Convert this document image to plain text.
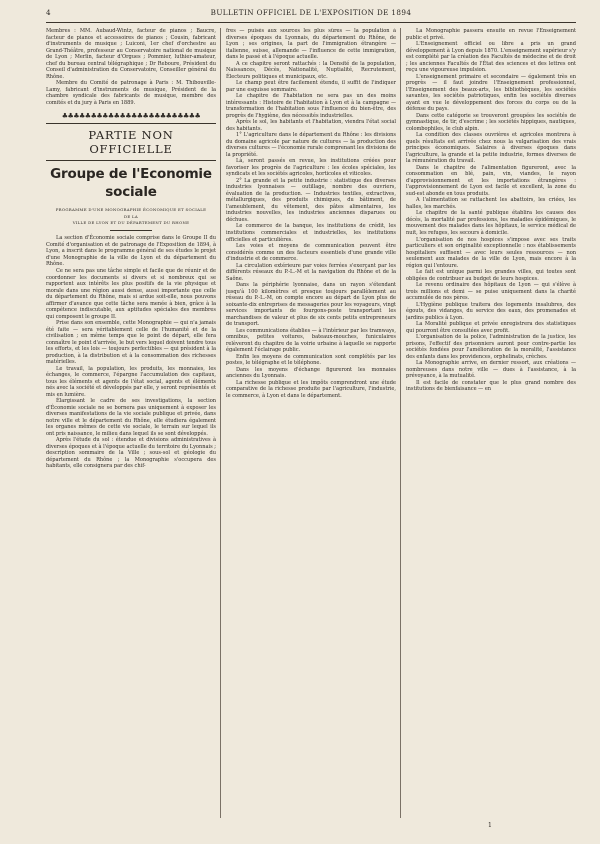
4	BULLETIN OFFICIEL DE L'EXPOSITION DE 1894

Membres : MM. Aubaud-Wintz, facteur de pianos ; Baucre, facteur de pianos et accessoires de pianos ; Cousin, fabricant d'instruments de musique ; Luiconi, 1er chef d'orchestre au Grand-Théâtre, professeur au Conservatoire national de musique de Lyon ; Merlin, facteur d'Orgues ; Pommier, luthier-amateur, chef du bureau central télégraphique ; Dr Reboure, Président du Conseil d'administration du Conservatoire, Conseiller général du Rhône.

Membre du Comité de patronage à Paris : M. Thibouville-Lamy, fabricant d'instruments de musique, Président de la chambre syndicale des fabricants de musique, membre des comités et du jury à Paris en 1889.

♣♣♣♣♣♣♣♣♣♣♣♣♣♣♣♣♣♣♣♣♣♣♣♣
PARTIE NON OFFICIELLE
Groupe de l'Economie sociale
PROGRAMME D'UNE MONOGRAPHIE ÉCONOMIQUE ET SOCIALE
DE LA
VILLE DE LYON ET DU DÉPARTEMENT DU RHONE

La section d'Économie sociale comprise dans le Groupe II du Comité d'organisation et de patronage de l'Exposition de 1894, à Lyon, a inscrit dans le programme général de ses études le projet d'une Monographie de la ville de Lyon et du département du Rhône.

Ce ne sera pas une tâche simple et facile que de réunir et de coordonner les documents si divers et si nombreux qui se rapportent aux intérêts les plus positifs de la vie physique et morale dans une région aussi dense, aussi importante que celle du département du Rhône, mais si ardue soit-elle, nous pouvons affirmer d'avance que cette tâche sera menée à bien, grâce à la compétence indiscutable, aux aptitudes spéciales des membres qui composent le groupe II.

Prise dans son ensemble, cette Monographie — qui n'a jamais été faite — sera véritablement celle de l'humanité et de la civilisation ; en même temps que le point de départ, elle fera connaître le point d'arrivée, le but vers lequel doivent tendre tous les efforts, et les lois — toujours perfectibles — qui président à la production, à la distribution et à la consommation des richesses matérielles.

Le travail, la population, les produits, les monnaies, les échanges, le commerce, l'épargne l'accumulation des capitaux, tous les éléments et agents de l'état social, agents et éléments nés avec la société et développés par elle, y seront représentés et mis en lumière.

Élargissant le cadre de ses investigations, la section d'Économie sociale ne se bornera pas uniquement à exposer les diverses manifestations de la vie sociale publique et privée, dans notre ville et le département du Rhône, elle étudiera également les organes mêmes de cette vie sociale, le terrain sur lequel ils ont pris naissance, le milieu dans lequel ils se sont développés.

Après l'étude du sol : étendue et divisions administratives à diverses époques et à l'époque actuelle du territoire du Lyonnais ; description sommaire de la Ville ; sous-sol et géologie du département du Rhône ; la Monographie s'occupera des habitants, elle consignera par des chif-

fres — puisés aux sources les plus sûres — la population à diverses époques du Lyonnais, du département du Rhône, de Lyon ; ses origines, la part de l'immigration étrangère — italienne, suisse, allemande — l'influence de cette immigration, dans le passé et à l'époque actuelle.

A ce chapitre seront rattachés : la Densité de la population, Naissances, Décès, Nationalité, Nuptialité, Recrutement, Électeurs politiques et municipaux, etc.

Le champ peut être facilement étendu, il suffit de l'indiquer par une esquisse sommaire.

Le chapitre de l'habitation ne sera pas un des moins intéressants : Histoire de l'habitation à Lyon et à la campagne — transformation de l'habitation sous l'influence du bien-être, des progrès de l'hygiène, des nécessités industrielles.

Après le sol, les habitants et l'habitation, viendra l'état social des habitants.

1° L'agriculture dans le département du Rhône : les divisions du domaine agricole par nature de cultures — la production des diverses cultures — l'économie rurale comprenant les divisions de la propriété.

Là, seront passés en revue, les institutions créées pour favoriser les progrès de l'agriculture : les écoles spéciales, les syndicats et les sociétés agricoles, horticoles et viticoles.

2° La grande et la petite industrie : statistique des diverses industries lyonnaises — outillage, nombre des ouvriers, évaluation de la production. — Industries textiles, extractives, métallurgiques, des produits chimiques, du bâtiment, de l'ameublement, du vêtement, des pâtes alimentaires, les industries nouvelles, les industries anciennes disparues ou déchues.

Le commerce de la banque, les institutions de crédit, les institutions commerciales et industrielles, les institutions officielles et particulières.

Les voies et moyens de communication peuvent être considérés comme un des facteurs essentiels d'une grande ville d'industrie et de commerce.

La circulation extérieure par voies ferrées s'exerçant par les différents réseaux du P.-L.-M et la navigation du Rhône et de la Saône.

Dans la périphérie lyonnaise, dans un rayon s'étendant jusqu'à 100 kilomètres et presque toujours parallèlement au réseau du P.-L.-M, on compte encore au départ de Lyon plus de soixante-dix entreprises de messageries pour les voyageurs, vingt services importants de fourgons-poste transportant les marchandises de valeur et plus de six cents petits entrepreneurs de transport.

Les communications établies — à l'intérieur par les tramways, omnibus, petites voitures, bateaux-mouches, funiculaires relèveront du chapitre de la voirie urbaine à laquelle se rapporte également l'éclairage public.

Enfin les moyens de communication sont complétés par les postes, le télégraphe et le téléphone.

Dans les moyens d'échange figureront les monnaies anciennes du Lyonnais.

La richesse publique et les impôts comprendront une étude comparative de la richesse produite par l'agriculture, l'industrie, le commerce, à Lyon et dans le département.

La Monographie passera ensuite en revue l'Enseignement public et privé.

L'Enseignement officiel ou libre a pris un grand développement à Lyon depuis 1870. L'enseignement supérieur s'y est complété par la création des Facultés de médecine et de droit ; les anciennes Facultés de l'État des sciences et des lettres ont reçu une vigoureuse impulsion.

L'enseignement primaire et secondaire — également très en progrès — il faut joindre l'Enseignement professionnel, l'Enseignement des beaux-arts, les bibliothèques, les sociétés savantes, les sociétés patriotiques, enfin les sociétés diverses ayant en vue le développement des forces du corps ou de la défense du pays.

Dans cette catégorie se trouveront groupées les sociétés de gymnastique, de tir, d'escrime ; les sociétés hippiques, nautiques, colombophiles, le club alpin.

La condition des classes ouvrières et agricoles montrera à quels résultats est arrivée chez nous la vulgarisation des vrais principes économiques. Salaires à diverses époques dans l'agriculture, la grande et la petite industrie, formes diverses de la rémunération du travail.

Dans le chapitre de l'alimentation figureront, avec la consommation en blé, pain, vin, viandes, le rayon d'approvisionnement et les importations étrangères : l'approvisionnement de Lyon est facile et excellent, la zone du sud-est abonde en tous produits.

A l'alimentation se rattachent les abattoirs, les criées, les halles, les marchés.

Le chapitre de la santé publique établira les causes des décès, la mortalité par professions, les maladies épidémiques, le mouvement des malades dans les hôpitaux, le service médical de nuit, les refuges, les secours à domicile.

L'organisation de nos hospices s'impose avec ses traits particuliers et son originalité exceptionnelle : nos établissements hospitaliers suffisent — avec leurs seules ressources — non seulement aux malades de la ville de Lyon, mais encore à la région qui l'entoure.

Le fait est unique parmi les grandes villes, qui toutes sont obligées de contribuer au budget de leurs hospices.

Le revenu ordinaire des hôpitaux de Lyon — qui s'élève à trois millions et demi — se puise uniquement dans la charité accumulée de nos pères.

L'Hygiène publique traitera des logements insalubres, des égouts, des vidanges, du service des eaux, des promenades et jardins publics à Lyon.

La Moralité publique et privée enregistrera des statistiques qui pourront être consultées avec profit.

L'organisation de la police, l'administration de la justice, les prisons, l'effectif des prisonniers auront pour contre-partie les sociétés fondées pour l'amélioration de la moralité, l'assistance des enfants dans les providences, orphelinats, crèches.

La Monographie arrive, en dernier ressort, aux créations — nombreuses dans notre ville — dues à l'assistance, à la prévoyance, à la mutualité.

Il est facile de constater que le plus grand nombre des institutions de bienfaisance — en

1
